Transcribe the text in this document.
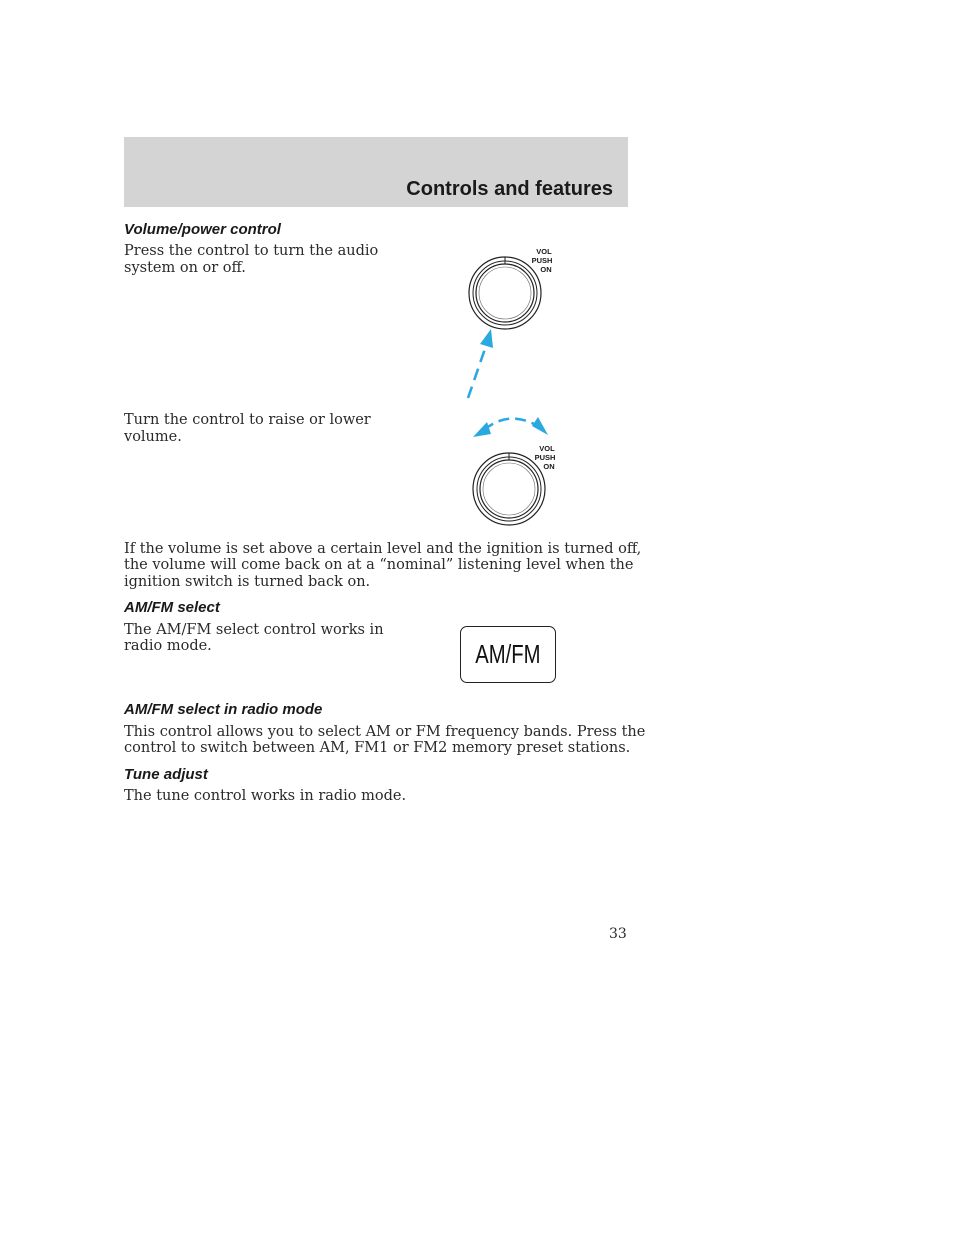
Controls and features
Volume/power control

Press the control to turn the audio

system on or off.

VOL
PUSH
ON
VOL
PUSH
ON

Turn the control to raise or lower

volume.

If the volume is set above a certain level and the ignition is turned off,

the volume will come back on at a “nominal” listening level when the

ignition switch is turned back on.

AM/FM select

The AM/FM select control works in

radio mode.	AM/FM
AM/FM select in radio mode

This control allows you to select AM or FM frequency bands. Press the

control to switch between AM, FM1 or FM2 memory preset stations.

Tune adjust

The tune control works in radio mode.

33
